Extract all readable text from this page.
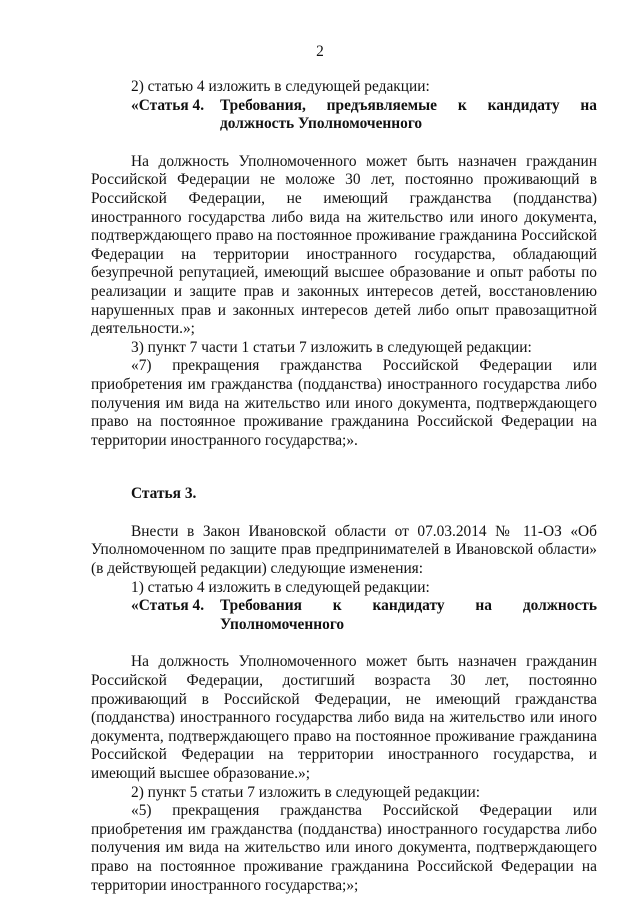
2

2) статью 4 изложить в следующей редакции:

«Статья 4.	Требования, предъявляемые к кандидату на должность Уполномоченного

На должность Уполномоченного может быть назначен гражданин Российской Федерации не моложе 30 лет, постоянно проживающий в Российской Федерации, не имеющий гражданства (подданства) иностранного государства либо вида на жительство или иного документа, подтверждающего право на постоянное проживание гражданина Российской Федерации на территории иностранного государства, обладающий безупречной репутацией, имеющий высшее образование и опыт работы по реализации и защите прав и законных интересов детей, восстановлению нарушенных прав и законных интересов детей либо опыт правозащитной деятельности.»;

3) пункт 7 части 1 статьи 7 изложить в следующей редакции:

«7) прекращения гражданства Российской Федерации или приобретения им гражданства (подданства) иностранного государства либо получения им вида на жительство или иного документа, подтверждающего право на постоянное проживание гражданина Российской Федерации на территории иностранного государства;».

Статья 3.

Внести в Закон Ивановской области от 07.03.2014 № 11-ОЗ «Об Уполномоченном по защите прав предпринимателей в Ивановской области» (в действующей редакции) следующие изменения:

1) статью 4 изложить в следующей редакции:

«Статья 4.	Требования к кандидату на должность Уполномоченного

На должность Уполномоченного может быть назначен гражданин Российской Федерации, достигший возраста 30 лет, постоянно проживающий в Российской Федерации, не имеющий гражданства (подданства) иностранного государства либо вида на жительство или иного документа, подтверждающего право на постоянное проживание гражданина Российской Федерации на территории иностранного государства, и имеющий высшее образование.»;

2) пункт 5 статьи 7 изложить в следующей редакции:

«5) прекращения гражданства Российской Федерации или приобретения им гражданства (подданства) иностранного государства либо получения им вида на жительство или иного документа, подтверждающего право на постоянное проживание гражданина Российской Федерации на территории иностранного государства;»;
